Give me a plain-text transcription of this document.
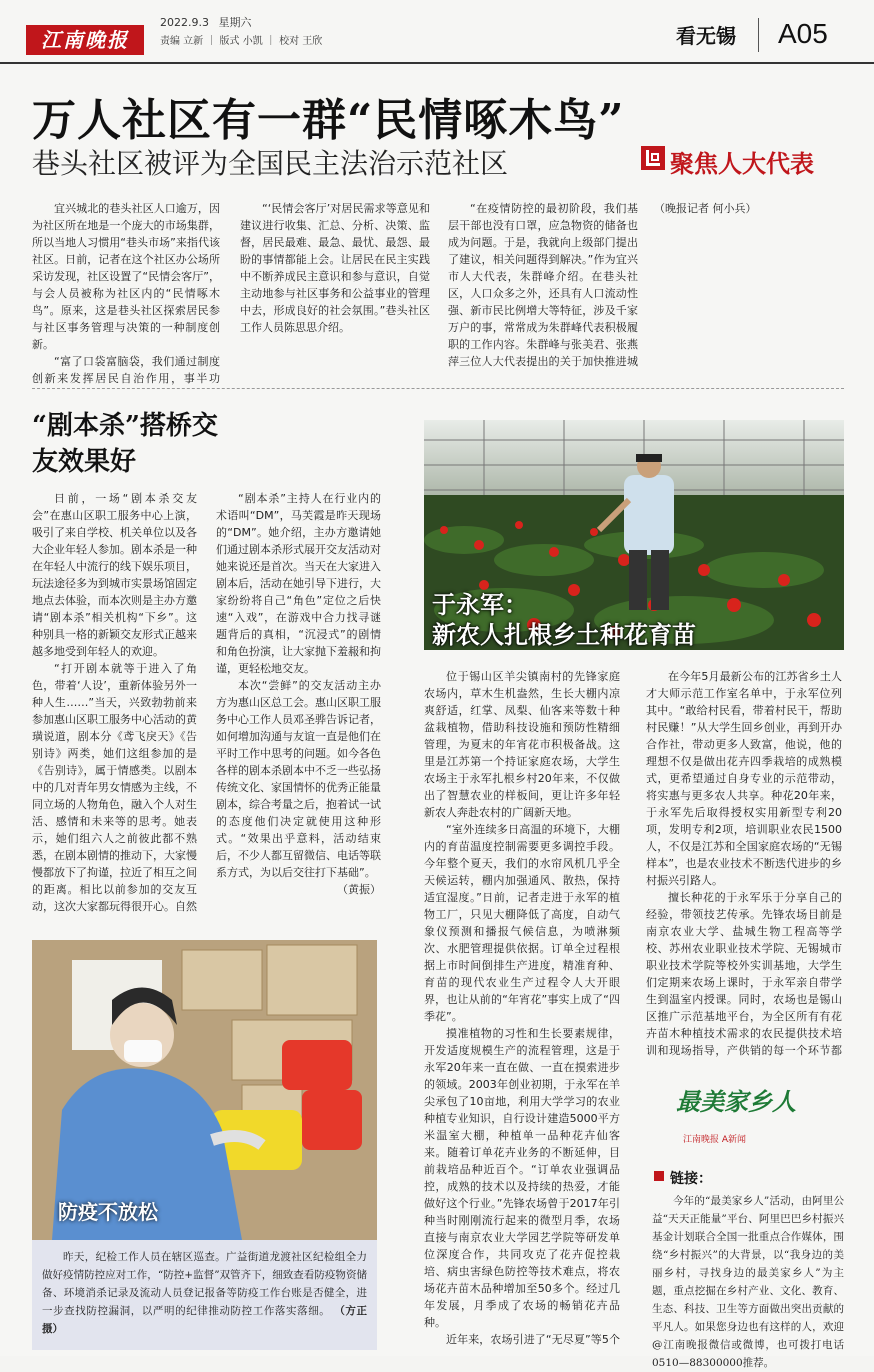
江南晚报
2022.9.3 星期六
责编 立新 ｜ 版式 小凯 ｜ 校对 王欣	看无锡 A05
万人社区有一群“民情啄木鸟”
巷头社区被评为全国民主法治示范社区	聚焦人大代表

宜兴城北的巷头社区人口逾万，因为社区所在地是一个庞大的市场集群，所以当地人习惯用“巷头市场”来指代该社区。日前，记者在这个社区办公场所采访发现，社区设置了“民情会客厅”，与会人员被称为社区内的“民情啄木鸟”。原来，这是巷头社区探索居民参与社区事务管理与决策的一种制度创新。

“富了口袋富脑袋，我们通过制度创新来发挥居民自治作用，事半功

“‘民情会客厅’对居民需求等意见和建议进行收集、汇总、分析、决策、监督，居民最难、最急、最忧、最怨、最盼的事情都能上会。让居民在民主实践中不断养成民主意识和参与意识，自觉主动地参与社区事务和公益事业的管理中去，形成良好的社会氛围。”巷头社区工作人员陈思思介绍。

“在疫情防控的最初阶段，我们基层干部也没有口罩，应急物资的储备也成为问题。于是，我就向上级部门提出了建议，相关问题得到解决。”作为宜兴市人大代表，朱群峰介绍。在巷头社区，人口众多之外，还具有人口流动性强、新市民比例增大等特征，涉及千家万户的事，常常成为朱群峰代表积极履职的工作内容。朱群峰与张美君、张燕萍三位人大代表提出的关于加快推进城

（晚报记者 何小兵）

“剧本杀”搭桥交友效果好

日前，一场“剧本杀交友会”在惠山区职工服务中心上演，吸引了来自学校、机关单位以及各大企业年轻人参加。剧本杀是一种在年轻人中流行的线下娱乐项目，玩法途径多为到城市实景场馆固定地点去体验，而本次则是主办方邀请“剧本杀”相关机构“下乡”。这种别具一格的新颖交友形式正越来越多地受到年轻人的欢迎。

“打开剧本就等于进入了角色，带着‘人设’，重新体验另外一种人生……”当天，兴致勃勃前来参加惠山区职工服务中心活动的黄璜说道，剧本分《鸢飞戾天》《告别诗》两类，她们这组参加的是《告别诗》，属于情感类。以剧本中的几对青年男女情感为主线，不同立场的人物角色，融入个人对生活、感情和未来等的思考。她表示，她们组六人之前彼此都不熟悉，在剧本剧情的推动下，大家慢慢都放下了拘谨，拉近了相互之间的距离。相比以前参加的交友互动，这次大家都玩得很开心。自然

“剧本杀”主持人在行业内的术语叫“DM”，马芙霞是昨天现场的“DM”。她介绍，主办方邀请她们通过剧本杀形式展开交友活动对她来说还是首次。当天在大家进入剧本后，活动在她引导下进行，大家纷纷将自己“角色”定位之后快速“入戏”，在游戏中合力找寻谜题背后的真相，“沉浸式”的剧情和角色扮演，让大家抛下羞赧和拘谨，更轻松地交友。

本次“尝鲜”的交友活动主办方为惠山区总工会。惠山区职工服务中心工作人员邓圣骅告诉记者，如何增加沟通与友谊一直是他们在平时工作中思考的问题。如今各色各样的剧本杀剧本中不乏一些弘扬传统文化、家国情怀的优秀正能量剧本，综合考量之后，抱着试一试的态度他们决定就使用这种形式。“效果出乎意料，活动结束后，不少人都互留微信、电话等联系方式，为以后交往打下基础”。

（黄振）

于永军：
新农人扎根乡土种花育苗

位于锡山区羊尖镇南村的先锋家庭农场内，草木生机盎然，生长大棚内凉爽舒适，红掌、凤梨、仙客来等数十种盆栽植物，借助科技设施和预防性精细管理，为夏末的年宵花市积极备战。这里是江苏第一个持证家庭农场，大学生农场主于永军扎根乡村20年来，不仅做出了智慧农业的样板间，更让许多年轻新农人奔赴农村的广阔新天地。

“室外连续多日高温的环境下，大棚内的育苗温度控制需要更多调控手段。今年整个夏天，我们的水帘风机几乎全天候运转，棚内加强通风、散热，保持适宜湿度。”日前，记者走进于永军的植物工厂，只见大棚降低了高度，自动气象仪预测和播报气候信息，为喷淋频次、水肥管理提供依据。订单全过程根据上市时间倒排生产进度，精准育种、育苗的现代农业生产过程令人大开眼界，也让从前的“年宵花”事实上成了“四季花”。

摸准植物的习性和生长要素规律，开发适度规模生产的流程管理，这是于永军20年来一直在做、一直在摸索进步的领域。2003年创业初期，于永军在羊尖承包了10亩地，利用大学学习的农业种植专业知识，自行设计建造5000平方米温室大棚，种植单一品种花卉仙客来。随着订单花卉业务的不断延伸，目前栽培品种近百个。“订单农业强调品控，成熟的技术以及持续的热爱，才能做好这个行业。”先锋农场曾于2017年引种当时刚刚流行起来的微型月季，农场直接与南京农业大学园艺学院等研发单位深度合作，共同攻克了花卉促控栽培、病虫害绿色防控等技术难点，将农场花卉苗木品种增加至50多个。经过几年发展，月季成了农场的畅销花卉品种。

近年来，农场引进了“无尽夏”等5个

在今年5月最新公布的江苏省乡土人才大师示范工作室名单中，于永军位列其中。“敢给村民看，带着村民干，帮助村民赚！”从大学生回乡创业，再到开办合作社，带动更多人致富，他说，他的理想不仅是做出花卉四季栽培的成熟模式，更希望通过自身专业的示范带动，将实惠与更多农人共享。种花20年来，于永军先后取得授权实用新型专利20项，发明专利2项，培训职业农民1500人，不仅是江苏和全国家庭农场的“无锡样本”，也是农业技术不断迭代进步的乡村振兴引路人。

擅长种花的于永军乐于分享自己的经验，带领技艺传承。先锋农场目前是南京农业大学、盐城生物工程高等学校、苏州农业职业技术学院、无锡城市职业技术学院等校外实训基地，大学生们定期来农场上课时，于永军亲自带学生到温室内授课。同时，农场也是锡山区推广示范基地平台，为全区所有有花卉苗木种植技术需求的农民提供技术培训和现场指导，产供销的每一个环节都

防疫不放松

昨天，纪检工作人员在辖区巡查。广益街道龙渡社区纪检组全力做好疫情防控应对工作，“防控+监督”双管齐下，细致查看防疫物资储备、环境消杀记录及流动人员登记报备等防疫工作台账是否健全，进一步查找防控漏洞，以严明的纪律推动防控工作落实落细。 （方正 摄）

最美家乡人
江南晚报 A新闻
链接：

今年的“最美家乡人”活动，由阿里公益“天天正能量”平台、阿里巴巴乡村振兴基金计划联合全国一批重点合作媒体，围绕“乡村振兴”的大背景，以“我身边的美丽乡村，寻找身边的最美家乡人”为主题，重点挖掘在乡村产业、文化、教育、生态、科技、卫生等方面做出突出贡献的平凡人。如果您身边也有这样的人，欢迎@江南晚报微信或微博，也可拨打电话0510—88300000推荐。
